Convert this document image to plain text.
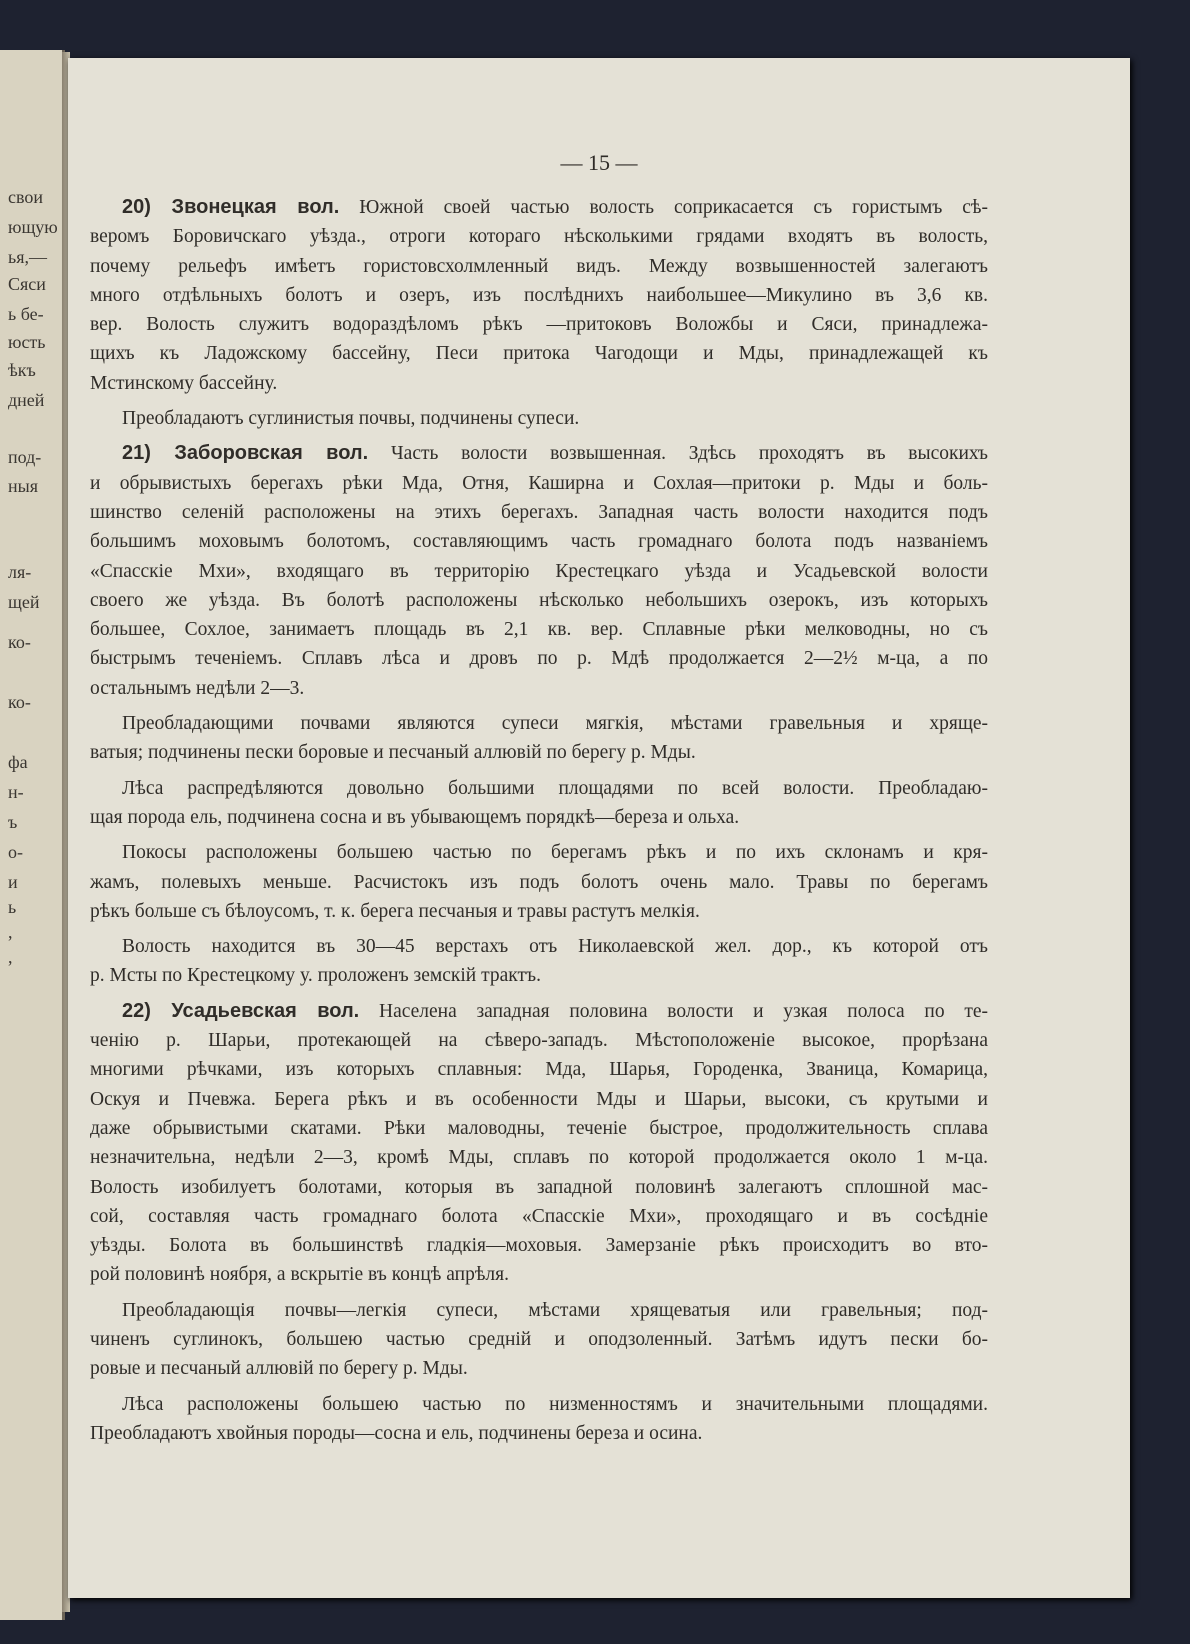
— 15 —
20) Звонецкая вол. Южной своей частью волость соприкасается съ гористымъ сѣ-
веромъ Боровичскаго уѣзда., отроги котораго нѣсколькими грядами входятъ въ волость,
почему рельефъ имѣетъ гористовсхолмленный видъ. Между возвышенностей залегаютъ
много отдѣльныхъ болотъ и озеръ, изъ послѣднихъ наибольшее—Микулино въ 3,6 кв.
вер. Волость служитъ водораздѣломъ рѣкъ —притоковъ Воложбы и Сяси, принадлежа-
щихъ къ Ладожскому бассейну, Песи притока Чагодощи и Мды, принадлежащей къ
Мстинскому бассейну.
Преобладаютъ суглинистыя почвы, подчинены супеси.
21) Заборовская вол. Часть волости возвышенная. Здѣсь проходятъ въ высокихъ
и обрывистыхъ берегахъ рѣки Мда, Отня, Каширна и Сохлая—притоки р. Мды и боль-
шинство селеній расположены на этихъ берегахъ. Западная часть волости находится подъ
большимъ моховымъ болотомъ, составляющимъ часть громаднаго болота подъ названіемъ
«Спасскіе Мхи», входящаго въ территорію Крестецкаго уѣзда и Усадьевской волости
своего же уѣзда. Въ болотѣ расположены нѣсколько небольшихъ озерокъ, изъ которыхъ
большее, Сохлое, занимаетъ площадь въ 2,1 кв. вер. Сплавные рѣки мелководны, но съ
быстрымъ теченіемъ. Сплавъ лѣса и дровъ по р. Мдѣ продолжается 2—2½ м-ца, а по
остальнымъ недѣли 2—3.
Преобладающими почвами являются супеси мягкія, мѣстами гравельныя и хряще-
ватыя; подчинены пески боровые и песчаный аллювій по берегу р. Мды.
Лѣса распредѣляются довольно большими площадями по всей волости. Преобладаю-
щая порода ель, подчинена сосна и въ убывающемъ порядкѣ—береза и ольха.
Покосы расположены большею частью по берегамъ рѣкъ и по ихъ склонамъ и кря-
жамъ, полевыхъ меньше. Расчистокъ изъ подъ болотъ очень мало. Травы по берегамъ
рѣкъ больше съ бѣлоусомъ, т. к. берега песчаныя и травы растутъ мелкія.
Волость находится въ 30—45 верстахъ отъ Николаевской жел. дор., къ которой отъ
р. Мсты по Крестецкому у. проложенъ земскій трактъ.
22) Усадьевская вол. Населена западная половина волости и узкая полоса по те-
ченію р. Шарьи, протекающей на сѣверо-западъ. Мѣстоположеніе высокое, прорѣзана
многими рѣчками, изъ которыхъ сплавныя: Мда, Шарья, Городенка, Званица, Комарица,
Оскуя и Пчевжа. Берега рѣкъ и въ особенности Мды и Шарьи, высоки, съ крутыми и
даже обрывистыми скатами. Рѣки маловодны, теченіе быстрое, продолжительность сплава
незначительна, недѣли 2—3, кромѣ Мды, сплавъ по которой продолжается около 1 м-ца.
Волость изобилуетъ болотами, которыя въ западной половинѣ залегаютъ сплошной мас-
сой, составляя часть громаднаго болота «Спасскіе Мхи», проходящаго и въ сосѣдніе
уѣзды. Болота въ большинствѣ гладкія—моховыя. Замерзаніе рѣкъ происходитъ во вто-
рой половинѣ ноября, а вскрытіе въ концѣ апрѣля.
Преобладающія почвы—легкія супеси, мѣстами хрящеватыя или гравельныя; под-
чиненъ суглинокъ, большею частью средній и оподзоленный. Затѣмъ идутъ пески бо-
ровые и песчаный аллювій по берегу р. Мды.
Лѣса расположены большею частью по низменностямъ и значительными площадями.
Преобладаютъ хвойныя породы—сосна и ель, подчинены береза и осина.
свои
ющую
ья,—
Сяси
ь бе-
юсть
ѣкъ
дней
под-
ныя
ля-
щей
ко-
ко-
фа
н-
ъ
о-
и
ь
,
,
